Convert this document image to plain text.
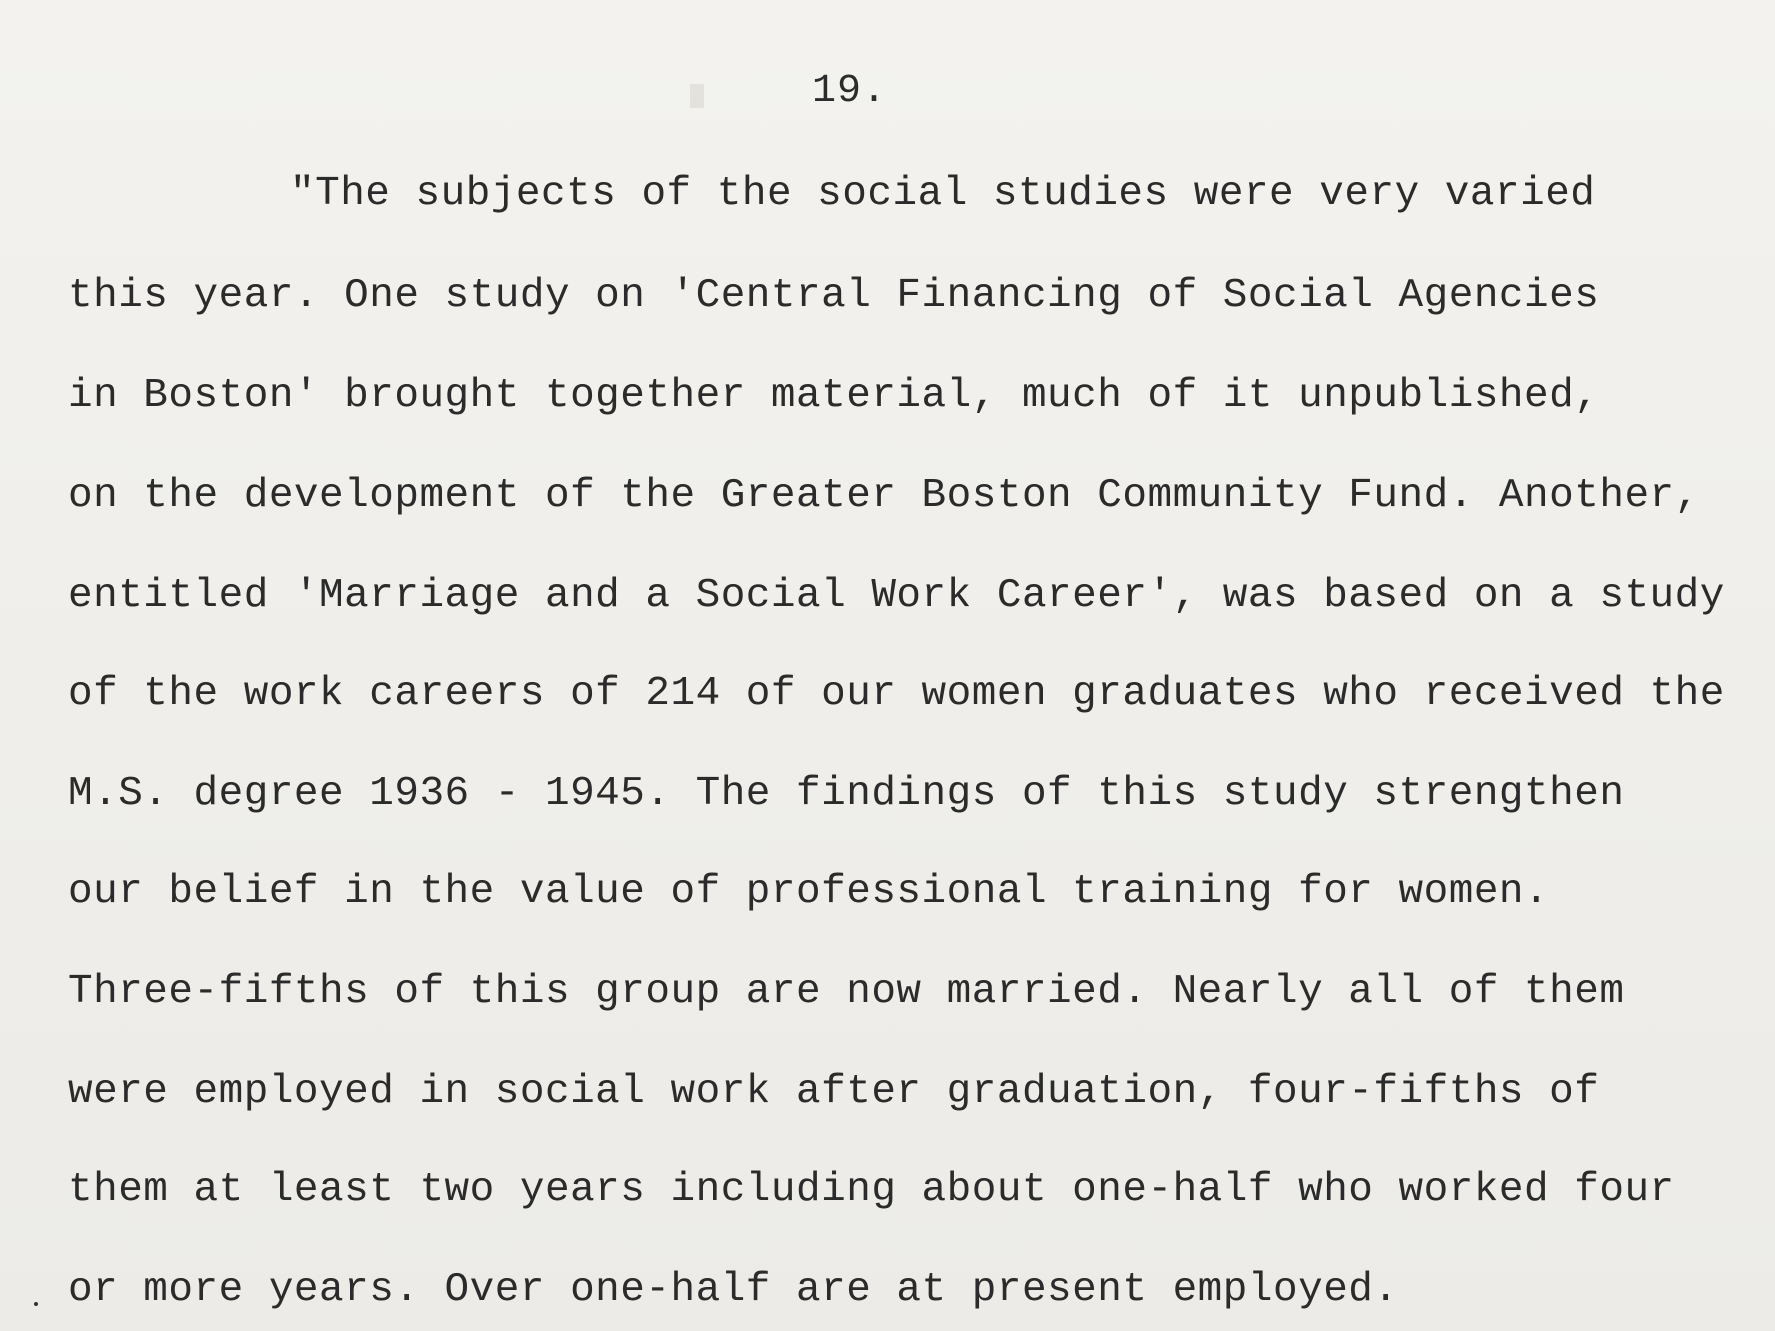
19.
"The subjects of the social studies were very varied
this year. One study on 'Central Financing of Social Agencies
in Boston' brought together material, much of it unpublished,
on the development of the Greater Boston Community Fund. Another,
entitled 'Marriage and a Social Work Career', was based on a study
of the work careers of 214 of our women graduates who received the
M.S. degree 1936 - 1945. The findings of this study strengthen
our belief in the value of professional training for women.
Three-fifths of this group are now married. Nearly all of them
were employed in social work after graduation, four-fifths of
them at least two years including about one-half who worked four
or more years. Over one-half are at present employed.
